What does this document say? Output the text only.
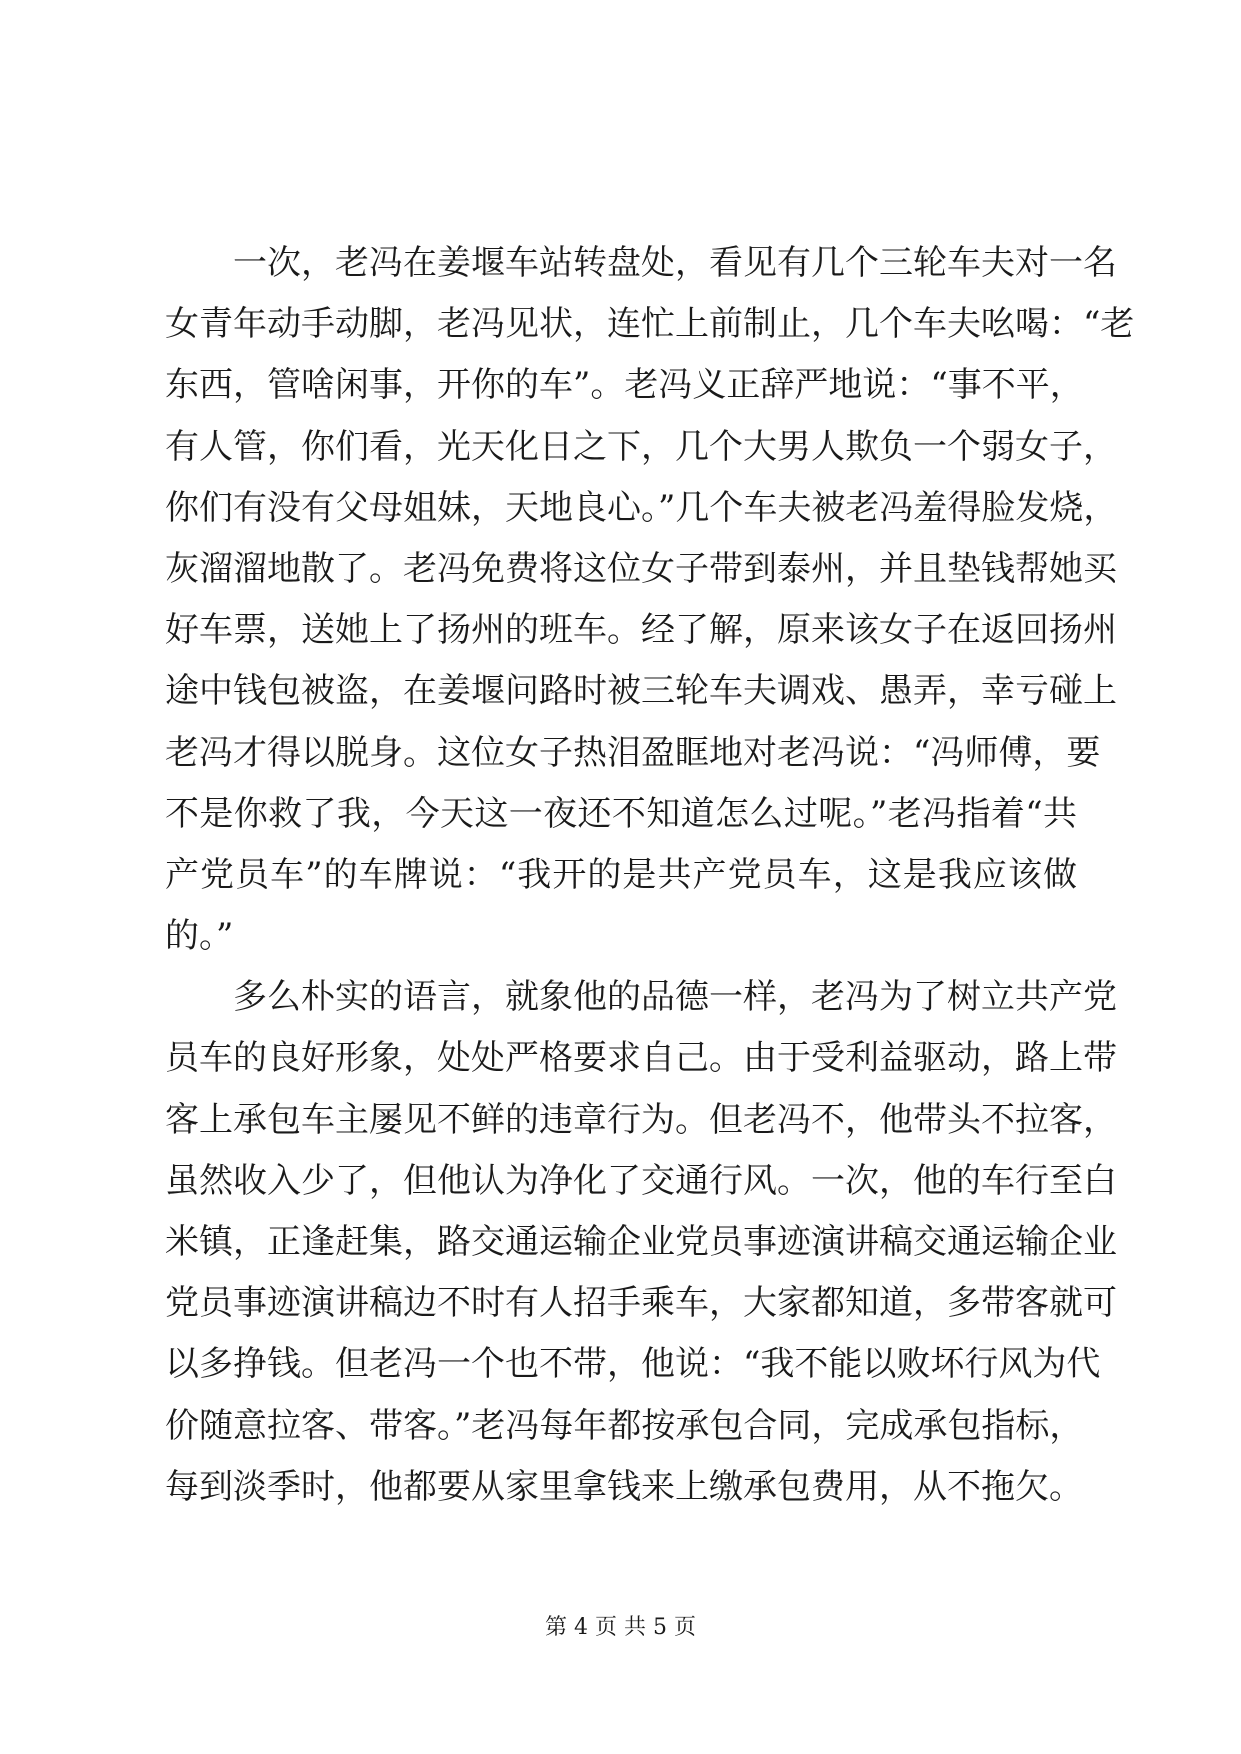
一次，老冯在姜堰车站转盘处，看见有几个三轮车夫对一名
女青年动手动脚，老冯见状，连忙上前制止，几个车夫吆喝：“老
东西，管啥闲事，开你的车”。老冯义正辞严地说：“事不平，
有人管，你们看，光天化日之下，几个大男人欺负一个弱女子，
你们有没有父母姐妹，天地良心。”几个车夫被老冯羞得脸发烧，
灰溜溜地散了。老冯免费将这位女子带到泰州，并且垫钱帮她买
好车票，送她上了扬州的班车。经了解，原来该女子在返回扬州
途中钱包被盗，在姜堰问路时被三轮车夫调戏、愚弄，幸亏碰上
老冯才得以脱身。这位女子热泪盈眶地对老冯说：“冯师傅，要
不是你救了我，今天这一夜还不知道怎么过呢。”老冯指着“共
产党员车”的车牌说：“我开的是共产党员车，这是我应该做
的。”
多么朴实的语言，就象他的品德一样，老冯为了树立共产党
员车的良好形象，处处严格要求自己。由于受利益驱动，路上带
客上承包车主屡见不鲜的违章行为。但老冯不，他带头不拉客，
虽然收入少了，但他认为净化了交通行风。一次，他的车行至白
米镇，正逢赶集，路交通运输企业党员事迹演讲稿交通运输企业
党员事迹演讲稿边不时有人招手乘车，大家都知道，多带客就可
以多挣钱。但老冯一个也不带，他说：“我不能以败坏行风为代
价随意拉客、带客。”老冯每年都按承包合同，完成承包指标，
每到淡季时，他都要从家里拿钱来上缴承包费用，从不拖欠。
第 4 页 共 5 页
